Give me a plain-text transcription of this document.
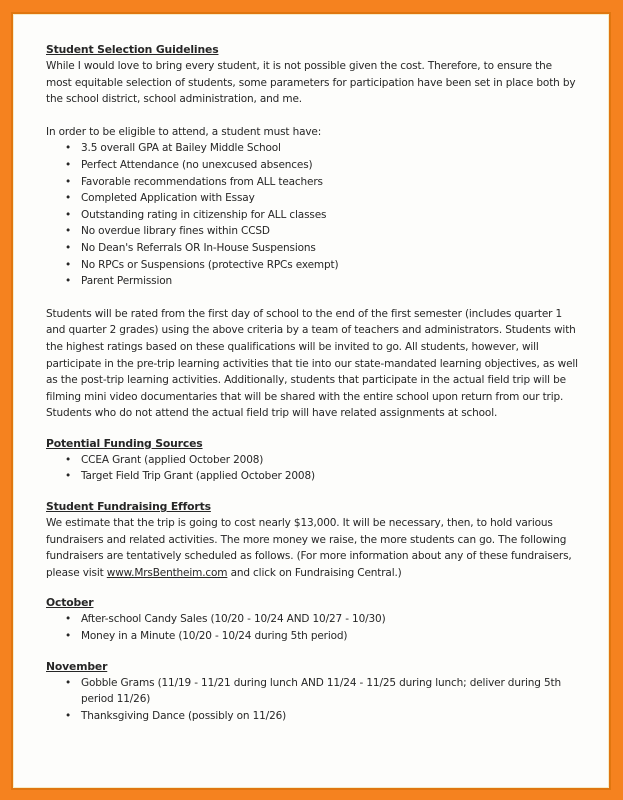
Student Selection Guidelines

While I would love to bring every student, it is not possible given the cost. Therefore, to ensure the most equitable selection of students, some parameters for participation have been set in place both by the school district, school administration, and me.

In order to be eligible to attend, a student must have:

• 3.5 overall GPA at Bailey Middle School
• Perfect Attendance (no unexcused absences)
• Favorable recommendations from ALL teachers
• Completed Application with Essay
• Outstanding rating in citizenship for ALL classes
• No overdue library fines within CCSD
• No Dean's Referrals OR In-House Suspensions
• No RPCs or Suspensions (protective RPCs exempt)
• Parent Permission

Students will be rated from the first day of school to the end of the first semester (includes quarter 1 and quarter 2 grades) using the above criteria by a team of teachers and administrators. Students with the highest ratings based on these qualifications will be invited to go. All students, however, will participate in the pre-trip learning activities that tie into our state-mandated learning objectives, as well as the post-trip learning activities. Additionally, students that participate in the actual field trip will be filming mini video documentaries that will be shared with the entire school upon return from our trip. Students who do not attend the actual field trip will have related assignments at school.

Potential Funding Sources
• CCEA Grant (applied October 2008)
• Target Field Trip Grant (applied October 2008)
Student Fundraising Efforts

We estimate that the trip is going to cost nearly $13,000. It will be necessary, then, to hold various fundraisers and related activities. The more money we raise, the more students can go. The following fundraisers are tentatively scheduled as follows. (For more information about any of these fundraisers, please visit www.MrsBentheim.com and click on Fundraising Central.)

October
• After-school Candy Sales (10/20 - 10/24 AND 10/27 - 10/30)
• Money in a Minute (10/20 - 10/24 during 5th period)
November
• Gobble Grams (11/19 - 11/21 during lunch AND 11/24 - 11/25 during lunch; deliver during 5th period 11/26)
• Thanksgiving Dance (possibly on 11/26)
